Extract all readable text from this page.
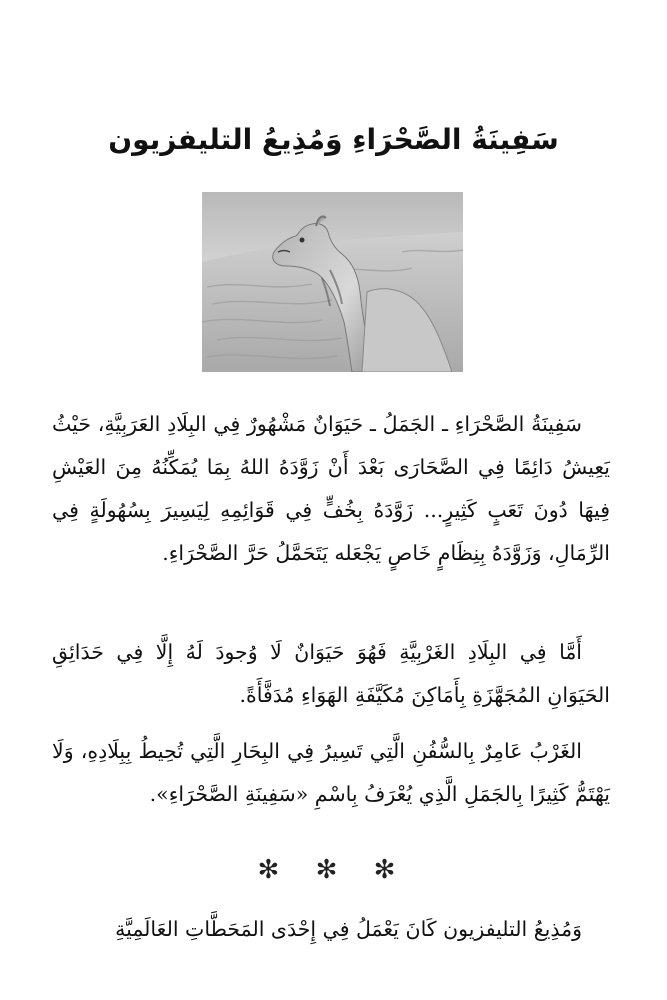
سَفِينَةُ الصَّحْرَاءِ وَمُذِيعُ التليفزيون

سَفِينَةُ الصَّحْرَاءِ ـ الجَمَلُ ـ حَيَوَانٌ مَشْهُورٌ فِي البِلَادِ العَرَبِيَّةِ، حَيْثُ يَعِيشُ دَائِمًا فِي الصَّحَارَى بَعْدَ أَنْ زَوَّدَهُ اللهُ بِمَا يُمَكِّنُهُ مِنَ العَيْشِ فِيهَا دُونَ تَعَبٍ كَثِيرٍ... زَوَّدَهُ بِخُفٍّ فِي قَوَائِمِهِ لِيَسِيرَ بِسُهُولَةٍ فِي الرِّمَالِ، وَزَوَّدَهُ بِنِظَامٍ خَاصٍ يَجْعَله يَتَحَمَّلُ حَرَّ الصَّحْرَاءِ.

أَمَّا فِي البِلَادِ الغَرْبِيَّةِ فَهُوَ حَيَوَانٌ لَا وُجودَ لَهُ إِلَّا فِي حَدَائِقِ الحَيَوَانِ المُجَهَّزَةِ بِأَمَاكِنَ مُكَيَّفَةِ الهَوَاءِ مُدَفَّأَةً.

الغَرْبُ عَامِرٌ بِالسُّفُنِ الَّتِي تَسِيرُ فِي البِحَارِ الَّتِي تُحِيطُ بِبِلَادِهِ، وَلَا يَهْتَمُّ كَثِيرًا بِالجَمَلِ الَّذِي يُعْرَفُ بِاسْمِ «سَفِينَةِ الصَّحْرَاءِ».

✻ ✻ ✻

وَمُذِيعُ التليفزيون كَانَ يَعْمَلُ فِي إِحْدَى المَحَطَّاتِ العَالَمِيَّةِ
